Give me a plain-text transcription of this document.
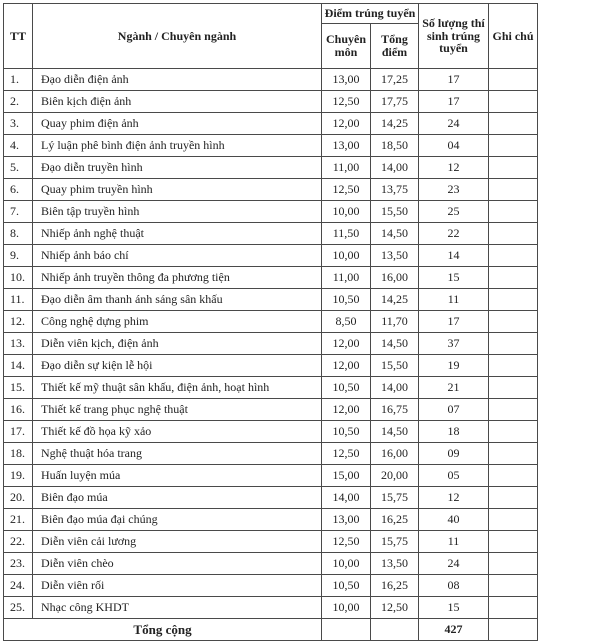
TT	Ngành / Chuyên ngành	Điểm trúng tuyển		Số lượng thí sinh trúng tuyển	Ghi chú
		Chuyên môn	Tổng điểm		
1.	Đạo diễn điện ảnh	13,00	17,25	17	
2.	Biên kịch điện ảnh	12,50	17,75	17	
3.	Quay phim điện ảnh	12,00	14,25	24	
4.	Lý luận phê bình điện ảnh truyền hình	13,00	18,50	04	
5.	Đạo diễn truyền hình	11,00	14,00	12	
6.	Quay phim truyền hình	12,50	13,75	23	
7.	Biên tập truyền hình	10,00	15,50	25	
8.	Nhiếp ảnh nghệ thuật	11,50	14,50	22	
9.	Nhiếp ảnh báo chí	10,00	13,50	14	
10.	Nhiếp ảnh truyền thông đa phương tiện	11,00	16,00	15	
11.	Đạo diễn âm thanh ánh sáng sân khấu	10,50	14,25	11	
12.	Công nghệ dựng phim	8,50	11,70	17	
13.	Diễn viên kịch, điện ảnh	12,00	14,50	37	
14.	Đạo diễn sự kiện lễ hội	12,00	15,50	19	
15.	Thiết kế mỹ thuật sân khấu, điện ảnh, hoạt hình	10,50	14,00	21	
16.	Thiết kế trang phục nghệ thuật	12,00	16,75	07	
17.	Thiết kế đồ họa kỹ xảo	10,50	14,50	18	
18.	Nghệ thuật hóa trang	12,50	16,00	09	
19.	Huấn luyện múa	15,00	20,00	05	
20.	Biên đạo múa	14,00	15,75	12	
21.	Biên đạo múa đại chúng	13,00	16,25	40	
22.	Diễn viên cải lương	12,50	15,75	11	
23.	Diễn viên chèo	10,00	13,50	24	
24.	Diễn viên rối	10,50	16,25	08	
25.	Nhạc công KHDT	10,00	12,50	15	
Tổng cộng				427	
